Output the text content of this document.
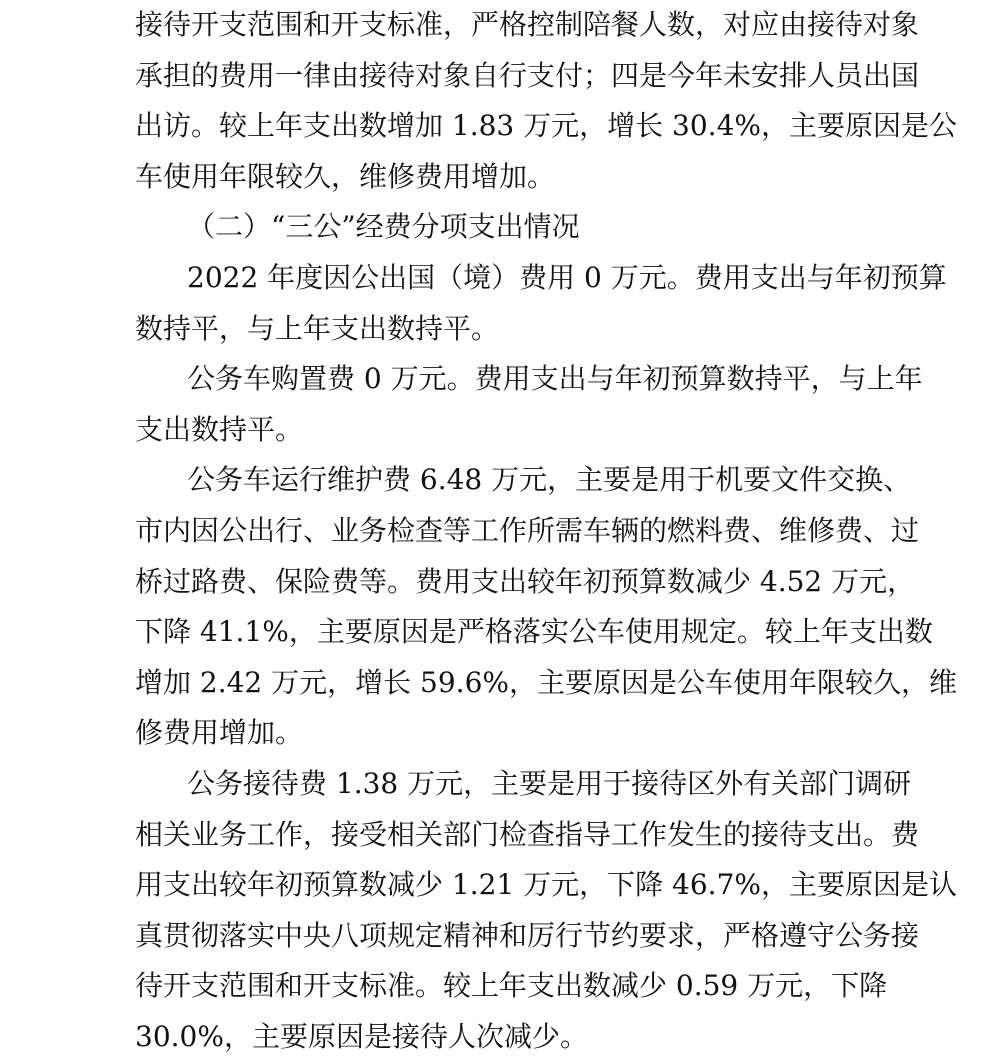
接待开支范围和开支标准，严格控制陪餐人数，对应由接待对象
承担的费用一律由接待对象自行支付；四是今年未安排人员出国
出访。较上年支出数增加 1.83 万元，增长 30.4%，主要原因是公
车使用年限较久，维修费用增加。
（二）“三公”经费分项支出情况
2022 年度因公出国（境）费用 0 万元。费用支出与年初预算
数持平，与上年支出数持平。
公务车购置费 0 万元。费用支出与年初预算数持平，与上年
支出数持平。
公务车运行维护费 6.48 万元，主要是用于机要文件交换、
市内因公出行、业务检查等工作所需车辆的燃料费、维修费、过
桥过路费、保险费等。费用支出较年初预算数减少 4.52 万元，
下降 41.1%，主要原因是严格落实公车使用规定。较上年支出数
增加 2.42 万元，增长 59.6%，主要原因是公车使用年限较久，维
修费用增加。
公务接待费 1.38 万元，主要是用于接待区外有关部门调研
相关业务工作，接受相关部门检查指导工作发生的接待支出。费
用支出较年初预算数减少 1.21 万元，下降 46.7%，主要原因是认
真贯彻落实中央八项规定精神和厉行节约要求，严格遵守公务接
待开支范围和开支标准。较上年支出数减少 0.59 万元，下降
30.0%，主要原因是接待人次减少。
